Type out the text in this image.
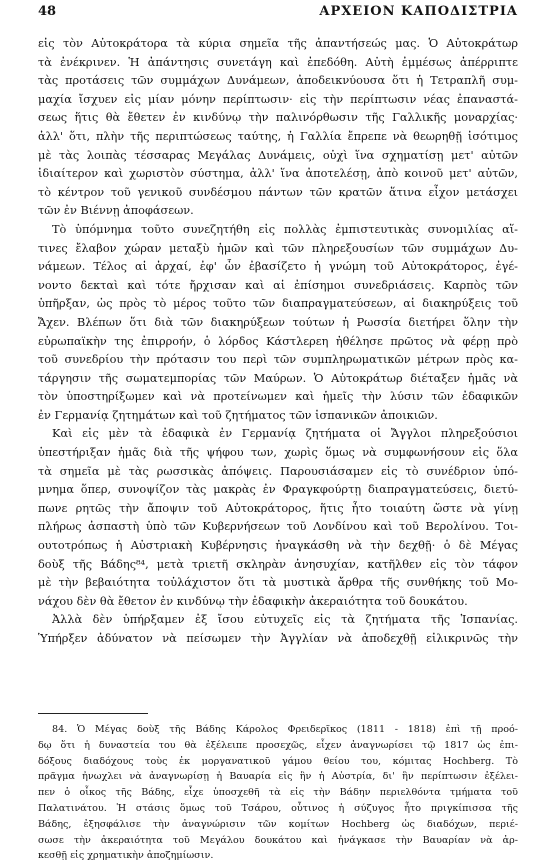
48	ΑΡΧΕΙΟΝ ΚΑΠΟΔΙΣΤΡΙΑ
εἰς τὸν Αὐτοκράτορα τὰ κύρια σημεῖα τῆς ἀπαντήσεώς μας. Ὁ Αὐτοκράτωρ
τὰ ἐνέκρινεν. Ἡ ἀπάντησις συνετάγη καὶ ἐπεδόθη. Αὐτὴ ἐμμέσως ἀπέρριπτε
τὰς προτάσεις τῶν συμμάχων Δυνάμεων, ἀποδεικνύουσα ὅτι ἡ Τετραπλῆ συμ-
μαχία ἴσχυεν εἰς μίαν μόνην περίπτωσιν· εἰς τὴν περίπτωσιν νέας ἐπαναστά-
σεως ἥτις θὰ ἔθετεν ἐν κινδύνῳ τὴν παλινόρθωσιν τῆς Γαλλικῆς μοναρχίας·
ἀλλ' ὅτι, πλὴν τῆς περιπτώσεως ταύτης, ἡ Γαλλία ἔπρεπε νὰ θεωρηθῇ ἰσότιμος
μὲ τὰς λοιπὰς τέσσαρας Μεγάλας Δυνάμεις, οὐχὶ ἵνα σχηματίσῃ μετ' αὐτῶν
ἰδιαίτερον καὶ χωριστὸν σύστημα, ἀλλ' ἵνα ἀποτελέσῃ, ἀπὸ κοινοῦ μετ' αὐτῶν,
τὸ κέντρον τοῦ γενικοῦ συνδέσμου πάντων τῶν κρατῶν ἅτινα εἶχον μετάσχει
τῶν ἐν Βιέννῃ ἀποφάσεων.
Τὸ ὑπόμνημα τοῦτο συνεζητήθη εἰς πολλὰς ἐμπιστευτικὰς συνομιλίας αἵ-
τινες ἔλαβον χώραν μεταξὺ ἡμῶν καὶ τῶν πληρεξουσίων τῶν συμμάχων Δυ-
νάμεων. Τέλος αἱ ἀρχαί, ἐφ' ὧν ἐβασίζετο ἡ γνώμη τοῦ Αὐτοκράτορος, ἐγέ-
νοντο δεκταὶ καὶ τότε ἤρχισαν καὶ αἱ ἐπίσημοι συνεδριάσεις. Καρπὸς τῶν
ὑπῆρξαν, ὡς πρὸς τὸ μέρος τοῦτο τῶν διαπραγματεύσεων, αἱ διακηρύξεις τοῦ
Ἄχεν. Βλέπων ὅτι διὰ τῶν διακηρύξεων τούτων ἡ Ρωσσία διετήρει ὅλην τὴν
εὐρωπαϊκὴν της ἐπιρροήν, ὁ λόρδος Κάστλερεη ἠθέλησε πρῶτος νὰ φέρῃ πρὸ
τοῦ συνεδρίου τὴν πρότασιν του περὶ τῶν συμπληρωματικῶν μέτρων πρὸς κα-
τάργησιν τῆς σωματεμπορίας τῶν Μαύρων. Ὁ Αὐτοκράτωρ διέταξεν ἡμᾶς νὰ
τὸν ὑποστηρίξωμεν καὶ νὰ προτείνωμεν καὶ ἡμεῖς τὴν λύσιν τῶν ἐδαφικῶν
ἐν Γερμανίᾳ ζητημάτων καὶ τοῦ ζητήματος τῶν ἱσπανικῶν ἀποικιῶν.
Καὶ εἰς μὲν τὰ ἐδαφικὰ ἐν Γερμανίᾳ ζητήματα οἱ Ἄγγλοι πληρεξούσιοι
ὑπεστήριξαν ἡμᾶς διὰ τῆς ψήφου των, χωρὶς ὅμως νὰ συμφωνήσουν εἰς ὅλα
τὰ σημεῖα μὲ τὰς ρωσσικὰς ἀπόψεις. Παρουσιάσαμεν εἰς τὸ συνέδριον ὑπό-
μνημα ὅπερ, συνοψίζον τὰς μακρὰς ἐν Φραγκφούρτῃ διαπραγματεύσεις, διετύ-
πωνε ρητῶς τὴν ἄποψιν τοῦ Αὐτοκράτορος, ἥτις ἦτο τοιαύτη ὥστε νὰ γίνῃ
πλήρως ἀσπαστὴ ὑπὸ τῶν Κυβερνήσεων τοῦ Λονδίνου καὶ τοῦ Βερολίνου. Τοι-
ουτοτρόπως ἡ Αὐστριακὴ Κυβέρνησις ἠναγκάσθη νὰ τὴν δεχθῇ· ὁ δὲ Μέγας
δοὺξ τῆς Βάδης⁸⁴, μετὰ τριετῆ σκληρὰν ἀνησυχίαν, κατῆλθεν εἰς τὸν τάφον
μὲ τὴν βεβαιότητα τοὐλάχιστον ὅτι τὰ μυστικὰ ἄρθρα τῆς συνθήκης τοῦ Μο-
νάχου δὲν θὰ ἔθετον ἐν κινδύνῳ τὴν ἐδαφικὴν ἀκεραιότητα τοῦ δουκάτου.
Ἀλλὰ δὲν ὑπήρξαμεν ἐξ ἴσου εὐτυχεῖς εἰς τὰ ζητήματα τῆς Ἱσπανίας.
Ὑπήρξεν ἀδύνατον νὰ πείσωμεν τὴν Ἀγγλίαν νὰ ἀποδεχθῇ εἰλικρινῶς τὴν
84. Ὁ Μέγας δοὺξ τῆς Βάδης Κάρολος Φρειδερῖκος (1811 - 1818) ἐπὶ τῇ προό-
δῳ ὅτι ἡ δυναστεία του θὰ ἐξέλειπε προσεχῶς, εἶχεν ἀναγνωρίσει τῷ 1817 ὡς ἐπι-
δόξους διαδόχους τοὺς ἐκ μοργανατικοῦ γάμου θείου του, κόμιτας Hochberg. Τὸ
πρᾶγμα ἠνωχλει νὰ ἀναγνωρίσῃ ἡ Βαυαρία εἰς ἣν ἡ Αὐστρία, δι' ἣν περίπτωσιν ἐξέλει-
πεν ὁ οἶκος τῆς Βάδης, εἶχε ὑποσχεθῆ τὰ εἰς τὴν Βάδην περιελθόντα τμήματα τοῦ
Παλατινάτου. Ἡ στάσις ὅμως τοῦ Τσάρου, οὗτινος ἡ σύζυγος ἦτο πριγκίπισσα τῆς
Βάδης, ἐξησφάλισε τὴν ἀναγνώρισιν τῶν κομίτων Hochberg ὡς διαδόχων, περιέ-
σωσε τὴν ἀκεραιότητα τοῦ Μεγάλου δουκάτου καὶ ἠνάγκασε τὴν Βαυαρίαν νὰ ἀρ-
κεσθῇ εἰς χρηματικὴν ἀποζημίωσιν.
